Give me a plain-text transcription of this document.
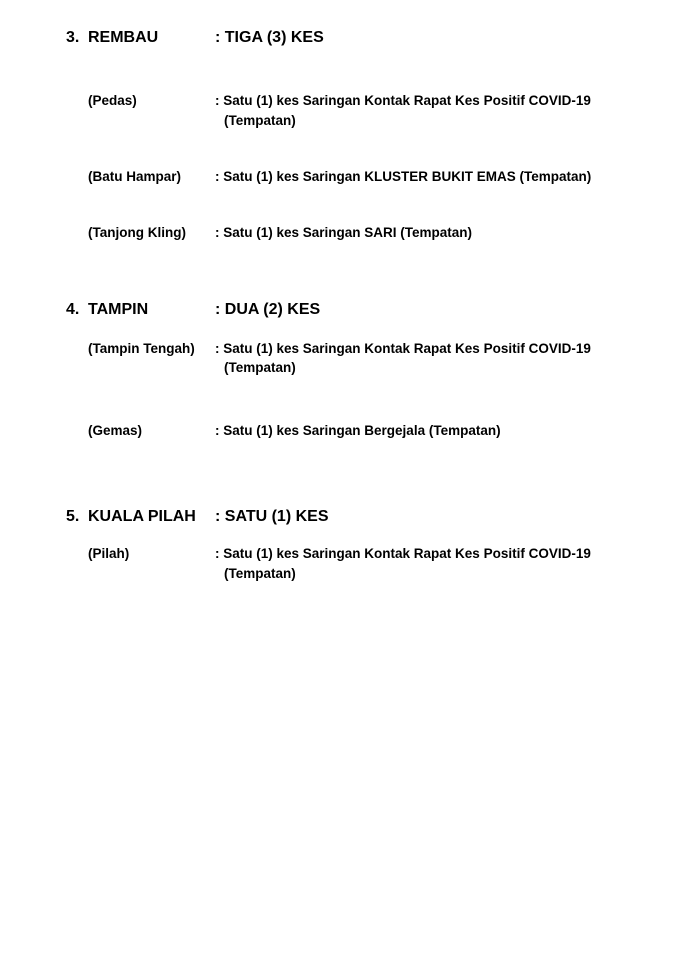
3. REMBAU	: TIGA (3) KES
(Pedas)	: Satu (1) kes Saringan Kontak Rapat Kes Positif COVID-19
(Tempatan)
(Batu Hampar)	: Satu (1) kes Saringan KLUSTER BUKIT EMAS (Tempatan)
(Tanjong Kling) : Satu (1) kes Saringan SARI (Tempatan)
4. TAMPIN	: DUA (2) KES
(Tampin Tengah) : Satu (1) kes Saringan Kontak Rapat Kes Positif COVID-19
(Tempatan)
(Gemas)	: Satu (1) kes Saringan Bergejala (Tempatan)
5. KUALA PILAH : SATU (1) KES
(Pilah)	: Satu (1) kes Saringan Kontak Rapat Kes Positif COVID-19
(Tempatan)
